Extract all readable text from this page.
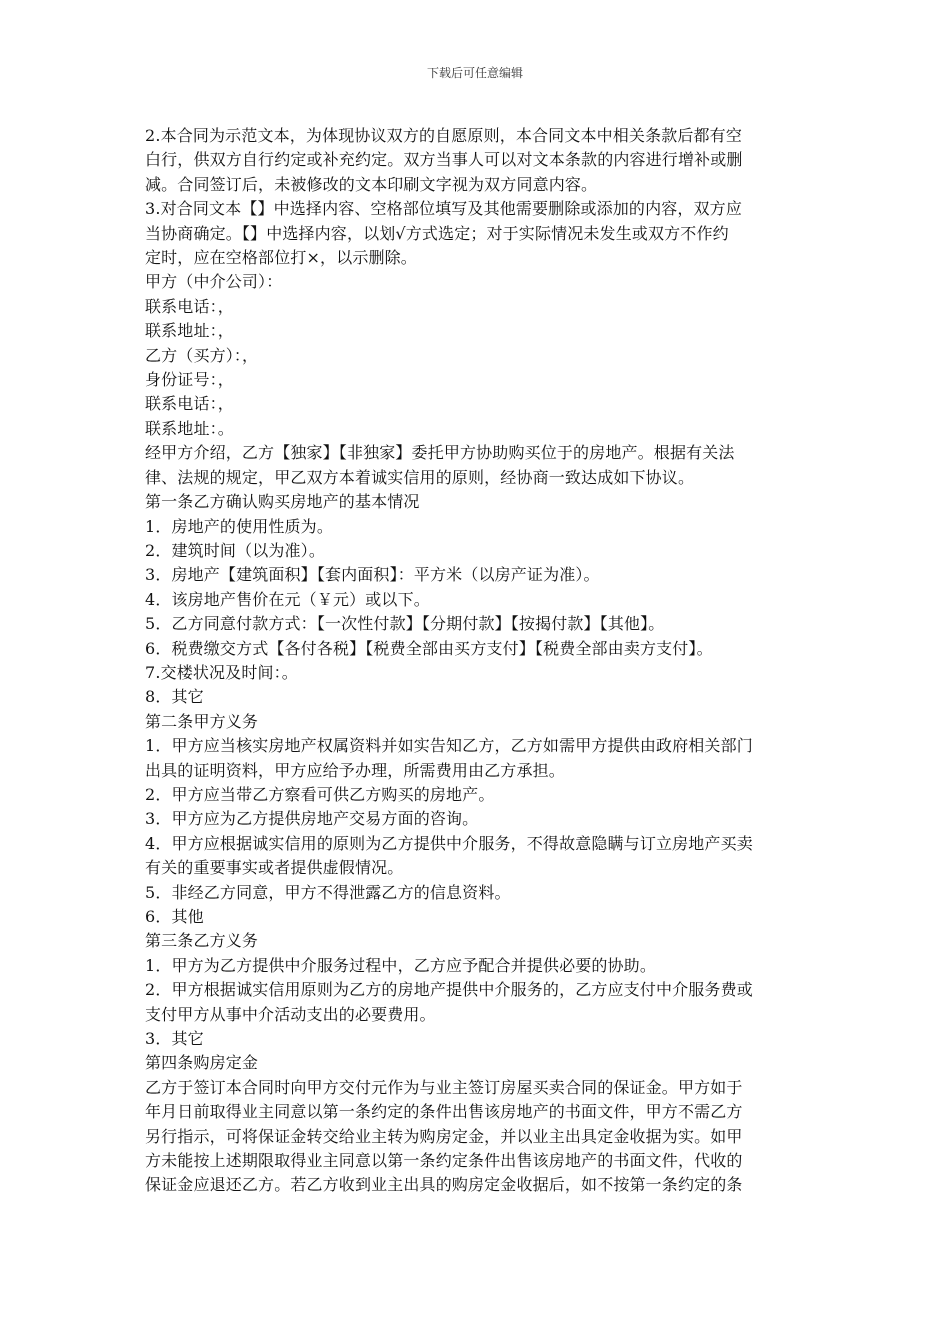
下载后可任意编辑
2.本合同为示范文本，为体现协议双方的自愿原则，本合同文本中相关条款后都有空
白行，供双方自行约定或补充约定。双方当事人可以对文本条款的内容进行增补或删
减。合同签订后，未被修改的文本印刷文字视为双方同意内容。
3.对合同文本【】中选择内容、空格部位填写及其他需要删除或添加的内容，双方应
当协商确定。【】中选择内容，以划√方式选定；对于实际情况未发生或双方不作约
定时，应在空格部位打×，以示删除。
甲方（中介公司）：
联系电话：，
联系地址：，
乙方（买方）：，
身份证号：，
联系电话：，
联系地址：。
经甲方介绍，乙方【独家】【非独家】委托甲方协助购买位于的房地产。根据有关法
律、法规的规定，甲乙双方本着诚实信用的原则，经协商一致达成如下协议。
第一条乙方确认购买房地产的基本情况
1．房地产的使用性质为。
2．建筑时间（以为准）。
3．房地产【建筑面积】【套内面积】：平方米（以房产证为准）。
4．该房地产售价在元（￥元）或以下。
5．乙方同意付款方式：【一次性付款】【分期付款】【按揭付款】【其他】。
6．税费缴交方式【各付各税】【税费全部由买方支付】【税费全部由卖方支付】。
7.交楼状况及时间：。
8．其它
第二条甲方义务
1．甲方应当核实房地产权属资料并如实告知乙方，乙方如需甲方提供由政府相关部门
出具的证明资料，甲方应给予办理，所需费用由乙方承担。
2．甲方应当带乙方察看可供乙方购买的房地产。
3．甲方应为乙方提供房地产交易方面的咨询。
4．甲方应根据诚实信用的原则为乙方提供中介服务，不得故意隐瞒与订立房地产买卖
有关的重要事实或者提供虚假情况。
5．非经乙方同意，甲方不得泄露乙方的信息资料。
6．其他
第三条乙方义务
1．甲方为乙方提供中介服务过程中，乙方应予配合并提供必要的协助。
2．甲方根据诚实信用原则为乙方的房地产提供中介服务的，乙方应支付中介服务费或
支付甲方从事中介活动支出的必要费用。
3．其它
第四条购房定金
乙方于签订本合同时向甲方交付元作为与业主签订房屋买卖合同的保证金。甲方如于
年月日前取得业主同意以第一条约定的条件出售该房地产的书面文件，甲方不需乙方
另行指示，可将保证金转交给业主转为购房定金，并以业主出具定金收据为实。如甲
方未能按上述期限取得业主同意以第一条约定条件出售该房地产的书面文件，代收的
保证金应退还乙方。若乙方收到业主出具的购房定金收据后，如不按第一条约定的条
